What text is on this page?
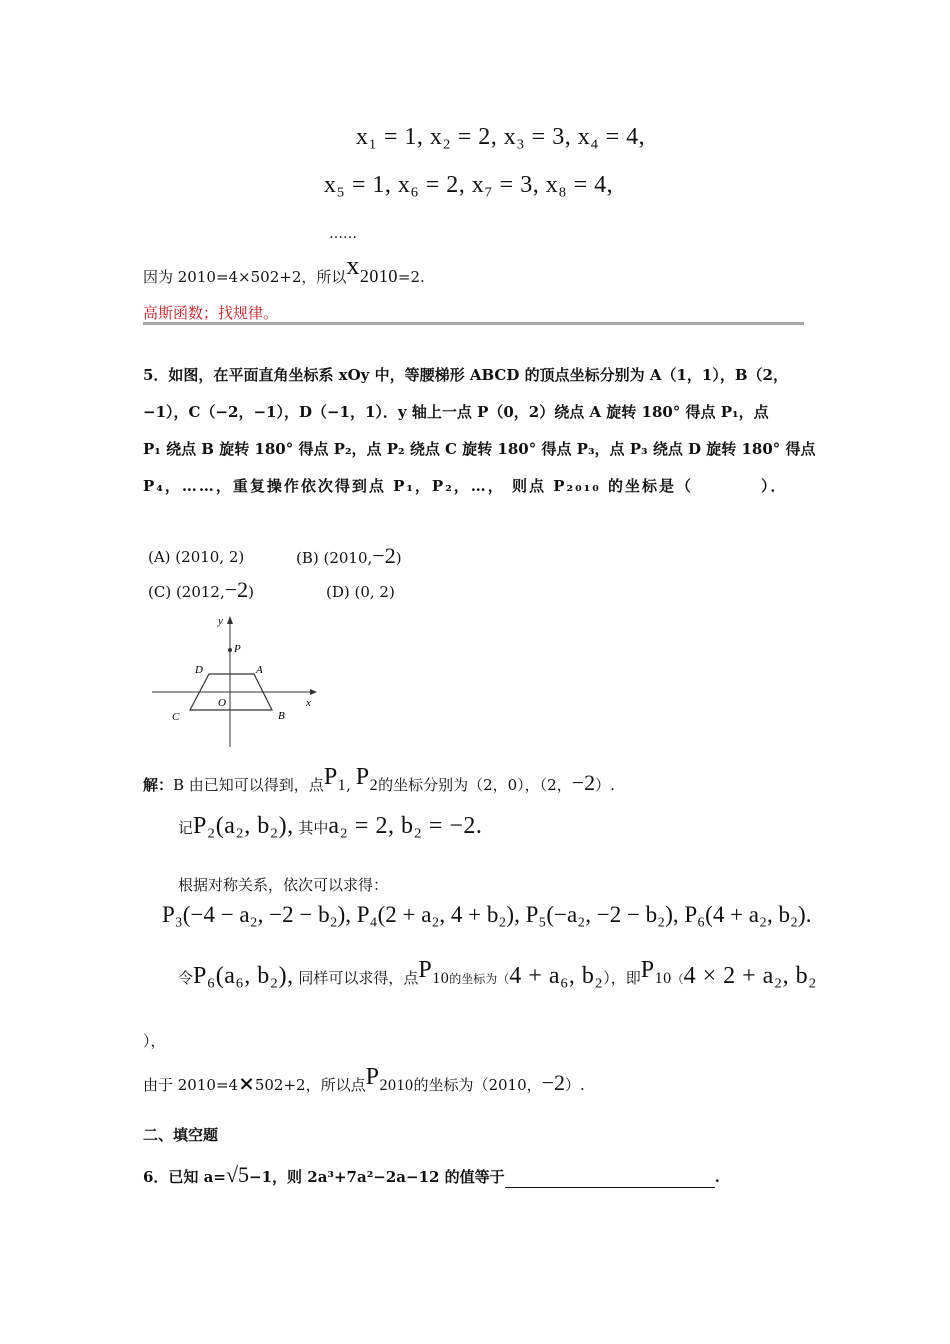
x₁ = 1, x₂ = 2, x₃ = 3, x₄ = 4,
x₅ = 1, x₆ = 2, x₇ = 3, x₈ = 4,
……
因为 2010=4×502+2，所以x2010=2.
高斯函数；找规律。
5．如图，在平面直角坐标系 xOy 中，等腰梯形 ABCD 的顶点坐标分别为 A（1，1），B（2，
−1），C（−2，−1），D（−1，1）．y 轴上一点 P（0，2）绕点 A 旋转 180° 得点 P₁，点
P₁ 绕点 B 旋转 180° 得点 P₂，点 P₂ 绕点 C 旋转 180° 得点 P₃，点 P₃ 绕点 D 旋转 180° 得点
P₄，……，重复操作依次得到点 P₁，P₂，…， 则点 P₂₀₁₀ 的坐标是（　　　　）．
(A) (2010, 2)	(B) (2010,−2)
(C) (2012,−2)	(D) (0, 2)
y
x
P
A
D
O
C	B
解：B 由已知可以得到，点P1, P2的坐标分别为（2，0），（2，−2）.
记P₂(a₂, b₂), 其中a₂ = 2, b₂ = −2.
根据对称关系，依次可以求得：
P₃(−4 − a₂, −2 − b₂), P₄(2 + a₂, 4 + b₂), P₅(−a₂, −2 − b₂), P₆(4 + a₂, b₂).
令P₆(a₆, b₂), 同样可以求得，点P10的坐标为（4 + a₆, b₂），即P10（4 × 2 + a₂, b₂
），
由于 2010=4×502+2，所以点P2010的坐标为（2010，−2）.
二、填空题
6．已知 a=√5−1，则 2a³+7a²−2a−12 的值等于	.
